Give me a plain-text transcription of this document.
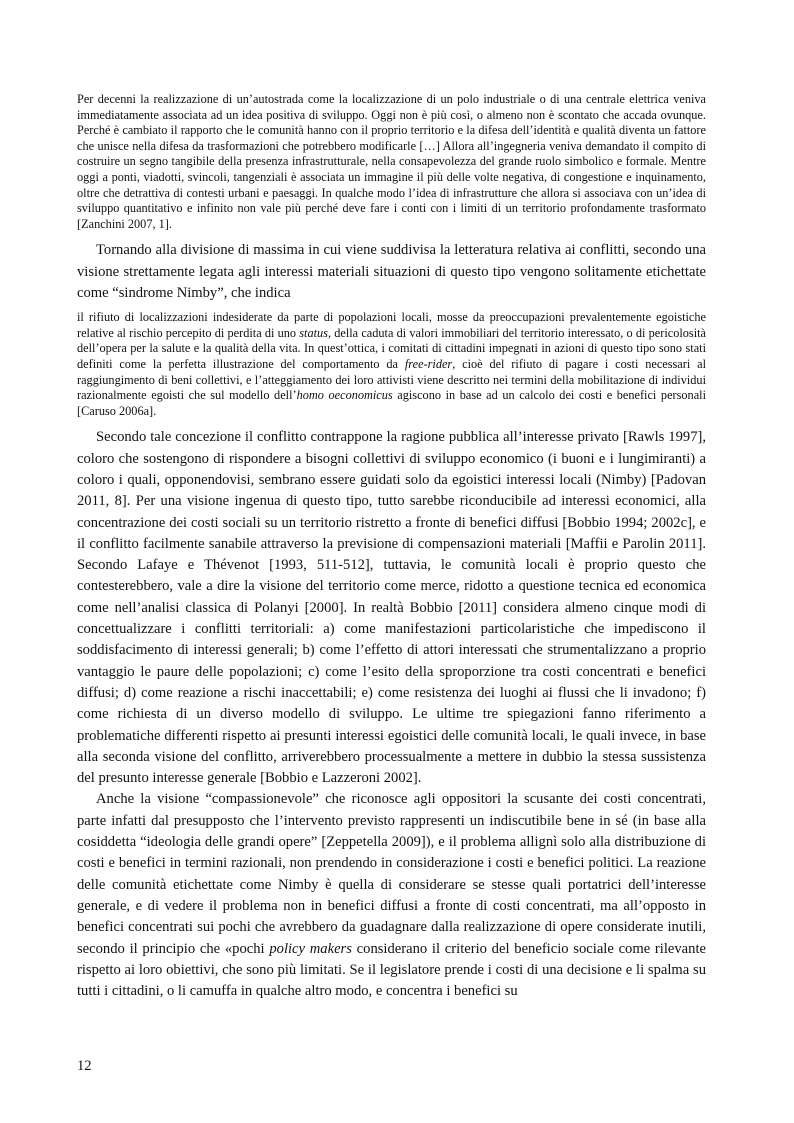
Per decenni la realizzazione di un’autostrada come la localizzazione di un polo industriale o di una centrale elettrica veniva immediatamente associata ad un idea positiva di sviluppo. Oggi non è più così, o almeno non è scontato che accada ovunque. Perché è cambiato il rapporto che le comunità hanno con il proprio territorio e la difesa dell’identità e qualità diventa un fattore che unisce nella difesa da trasformazioni che potrebbero modificarle […] Allora all’ingegneria veniva demandato il compito di costruire un segno tangibile della presenza infrastrutturale, nella consapevolezza del grande ruolo simbolico e formale. Mentre oggi a ponti, viadotti, svincoli, tangenziali è associata un immagine il più delle volte negativa, di congestione e inquinamento, oltre che detrattiva di contesti urbani e paesaggi. In qualche modo l’idea di infrastrutture che allora si associava con un’idea di sviluppo quantitativo e infinito non vale più perché deve fare i conti con i limiti di un territorio profondamente trasformato [Zanchini 2007, 1].

Tornando alla divisione di massima in cui viene suddivisa la letteratura relativa ai conflitti, secondo una visione strettamente legata agli interessi materiali situazioni di questo tipo vengono solitamente etichettate come “sindrome Nimby”, che indica

il rifiuto di localizzazioni indesiderate da parte di popolazioni locali, mosse da preoccupazioni prevalentemente egoistiche relative al rischio percepito di perdita di uno status, della caduta di valori immobiliari del territorio interessato, o di pericolosità dell’opera per la salute e la qualità della vita. In quest’ottica, i comitati di cittadini impegnati in azioni di questo tipo sono stati definiti come la perfetta illustrazione del comportamento da free-rider, cioè del rifiuto di pagare i costi necessari al raggiungimento di beni collettivi, e l’atteggiamento dei loro attivisti viene descritto nei termini della mobilitazione di individui razionalmente egoisti che sul modello dell’homo oeconomicus agiscono in base ad un calcolo dei costi e benefici personali [Caruso 2006a].

Secondo tale concezione il conflitto contrappone la ragione pubblica all’interesse privato [Rawls 1997], coloro che sostengono di rispondere a bisogni collettivi di sviluppo economico (i buoni e i lungimiranti) a coloro i quali, opponendovisi, sembrano essere guidati solo da egoistici interessi locali (Nimby) [Padovan 2011, 8]. Per una visione ingenua di questo tipo, tutto sarebbe riconducibile ad interessi economici, alla concentrazione dei costi sociali su un territorio ristretto a fronte di benefici diffusi [Bobbio 1994; 2002c], e il conflitto facilmente sanabile attraverso la previsione di compensazioni materiali [Maffii e Parolin 2011]. Secondo Lafaye e Thévenot [1993, 511-512], tuttavia, le comunità locali è proprio questo che contesterebbero, vale a dire la visione del territorio come merce, ridotto a questione tecnica ed economica come nell’analisi classica di Polanyi [2000]. In realtà Bobbio [2011] considera almeno cinque modi di concettualizzare i conflitti territoriali: a) come manifestazioni particolaristiche che impediscono il soddisfacimento di interessi generali; b) come l’effetto di attori interessati che strumentalizzano a proprio vantaggio le paure delle popolazioni; c) come l’esito della sproporzione tra costi concentrati e benefici diffusi; d) come reazione a rischi inaccettabili; e) come resistenza dei luoghi ai flussi che li invadono; f) come richiesta di un diverso modello di sviluppo. Le ultime tre spiegazioni fanno riferimento a problematiche differenti rispetto ai presunti interessi egoistici delle comunità locali, le quali invece, in base alla seconda visione del conflitto, arriverebbero processualmente a mettere in dubbio la stessa sussistenza del presunto interesse generale [Bobbio e Lazzeroni 2002].

Anche la visione “compassionevole” che riconosce agli oppositori la scusante dei costi concentrati, parte infatti dal presupposto che l’intervento previsto rappresenti un indiscutibile bene in sé (in base alla cosiddetta “ideologia delle grandi opere” [Zeppetella 2009]), e il problema allignì solo alla distribuzione di costi e benefici in termini razionali, non prendendo in considerazione i costi e benefici politici. La reazione delle comunità etichettate come Nimby è quella di considerare se stesse quali portatrici dell’interesse generale, e di vedere il problema non in benefici diffusi a fronte di costi concentrati, ma all’opposto in benefici concentrati sui pochi che avrebbero da guadagnare dalla realizzazione di opere considerate inutili, secondo il principio che «pochi policy makers considerano il criterio del beneficio sociale come rilevante rispetto ai loro obiettivi, che sono più limitati. Se il legislatore prende i costi di una decisione e li spalma su tutti i cittadini, o li camuffa in qualche altro modo, e concentra i benefici su

12
